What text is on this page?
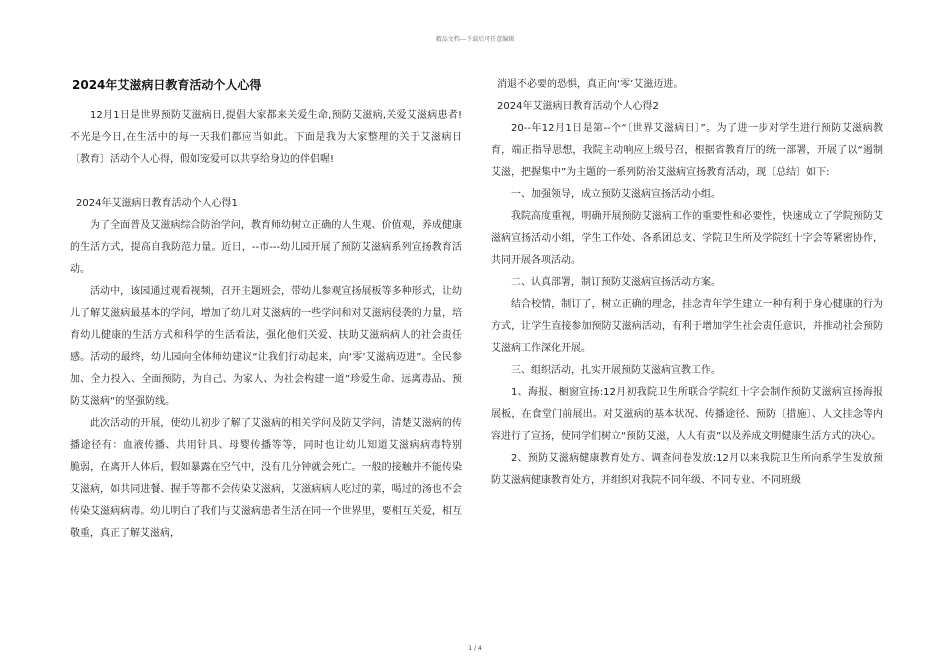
精品文档---下载后可任意编辑
2024年艾滋病日教育活动个人心得

12月1日是世界预防艾滋病日,提倡大家都来关爱生命,预防艾滋病,关爱艾滋病患者!不光是今日,在生活中的每一天我们都应当如此。下面是我为大家整理的关于艾滋病日〔教育〕活动个人心得，假如宠爱可以共享给身边的伴侣喔!

2024年艾滋病日教育活动个人心得1

为了全面普及艾滋病综合防治学问，教育师幼树立正确的人生观、价值观，养成健康的生活方式，提高自我防范力量。近日，--市---幼儿园开展了预防艾滋病系列宣扬教育活动。

活动中，该园通过观看视频，召开主题班会，带幼儿参观宣扬展板等多种形式，让幼儿了解艾滋病最基本的学问，增加了幼儿对艾滋病的一些学问和对艾滋病侵袭的力量，培育幼儿健康的生活方式和科学的生活看法，强化他们关爱、扶助艾滋病病人的社会责任感。活动的最终，幼儿园向全体师幼建议“让我们行动起来，向‘零’艾滋病迈进”。全民参加、全力投入、全面预防，为自己、为家人、为社会构建一道”珍爱生命、远离毒品、预防艾滋病“的坚强防线。

此次活动的开展，使幼儿初步了解了艾滋病的相关学问及防艾学问，清楚艾滋病的传播途径有：血液传播、共用针具、母婴传播等等，同时也让幼儿知道艾滋病病毒特别　　脆弱，在离开人体后，假如暴露在空气中，没有几分钟就会死亡。一般的接触并不能传染艾滋病，如共同进餐、握手等都不会传染艾滋病，艾滋病病人吃过的菜，喝过的汤也不会传染艾滋病病毒。幼儿明白了我们与艾滋病患者生活在同一个世界里，要相互关爱，相互敬重，真正了解艾滋病，

消退不必要的恐惧，真正向‘零’艾滋迈进。

2024年艾滋病日教育活动个人心得2

20--年12月1日是第--个“〔世界艾滋病日〕”。为了进一步对学生进行预防艾滋病教育，端正指导思想，我院主动响应上级号召，根据省教育厅的统一部署，开展了以“遏制艾滋，把握集中”为主题的一系列防治艾滋病宣扬教育活动，现〔总结〕如下:

一、加强领导，成立预防艾滋病宣扬活动小组。

我院高度重视，明确开展预防艾滋病工作的重要性和必要性，快速成立了学院预防艾滋病宣扬活动小组，学生工作处、各系团总支、学院卫生所及学院红十字会等紧密协作，共同开展各项活动。

二、认真部署，制订预防艾滋病宣扬活动方案。

结合校情，制订了，树立正确的理念，挂念青年学生建立一种有利于身心健康的行为方式，让学生直接参加预防艾滋病活动，有利于增加学生社会责任意识，并推动社会预防艾滋病工作深化开展。

三、组织活动，扎实开展预防艾滋病宣教工作。

1、海报、橱窗宣扬:12月初我院卫生所联合学院红十字会制作预防艾滋病宣扬海报展板，在食堂门前展出。对艾滋病的基本状况、传播途径、预防〔措施〕、人文挂念等内容进行了宣扬，使同学们树立“预防艾滋，人人有责”以及养成文明健康生活方式的决心。

2、预防艾滋病健康教育处方、调查问卷发放:12月以来我院卫生所向系学生发放预防艾滋病健康教育处方，并组织对我院不同年级、不同专业、不同班级

1 / 4
